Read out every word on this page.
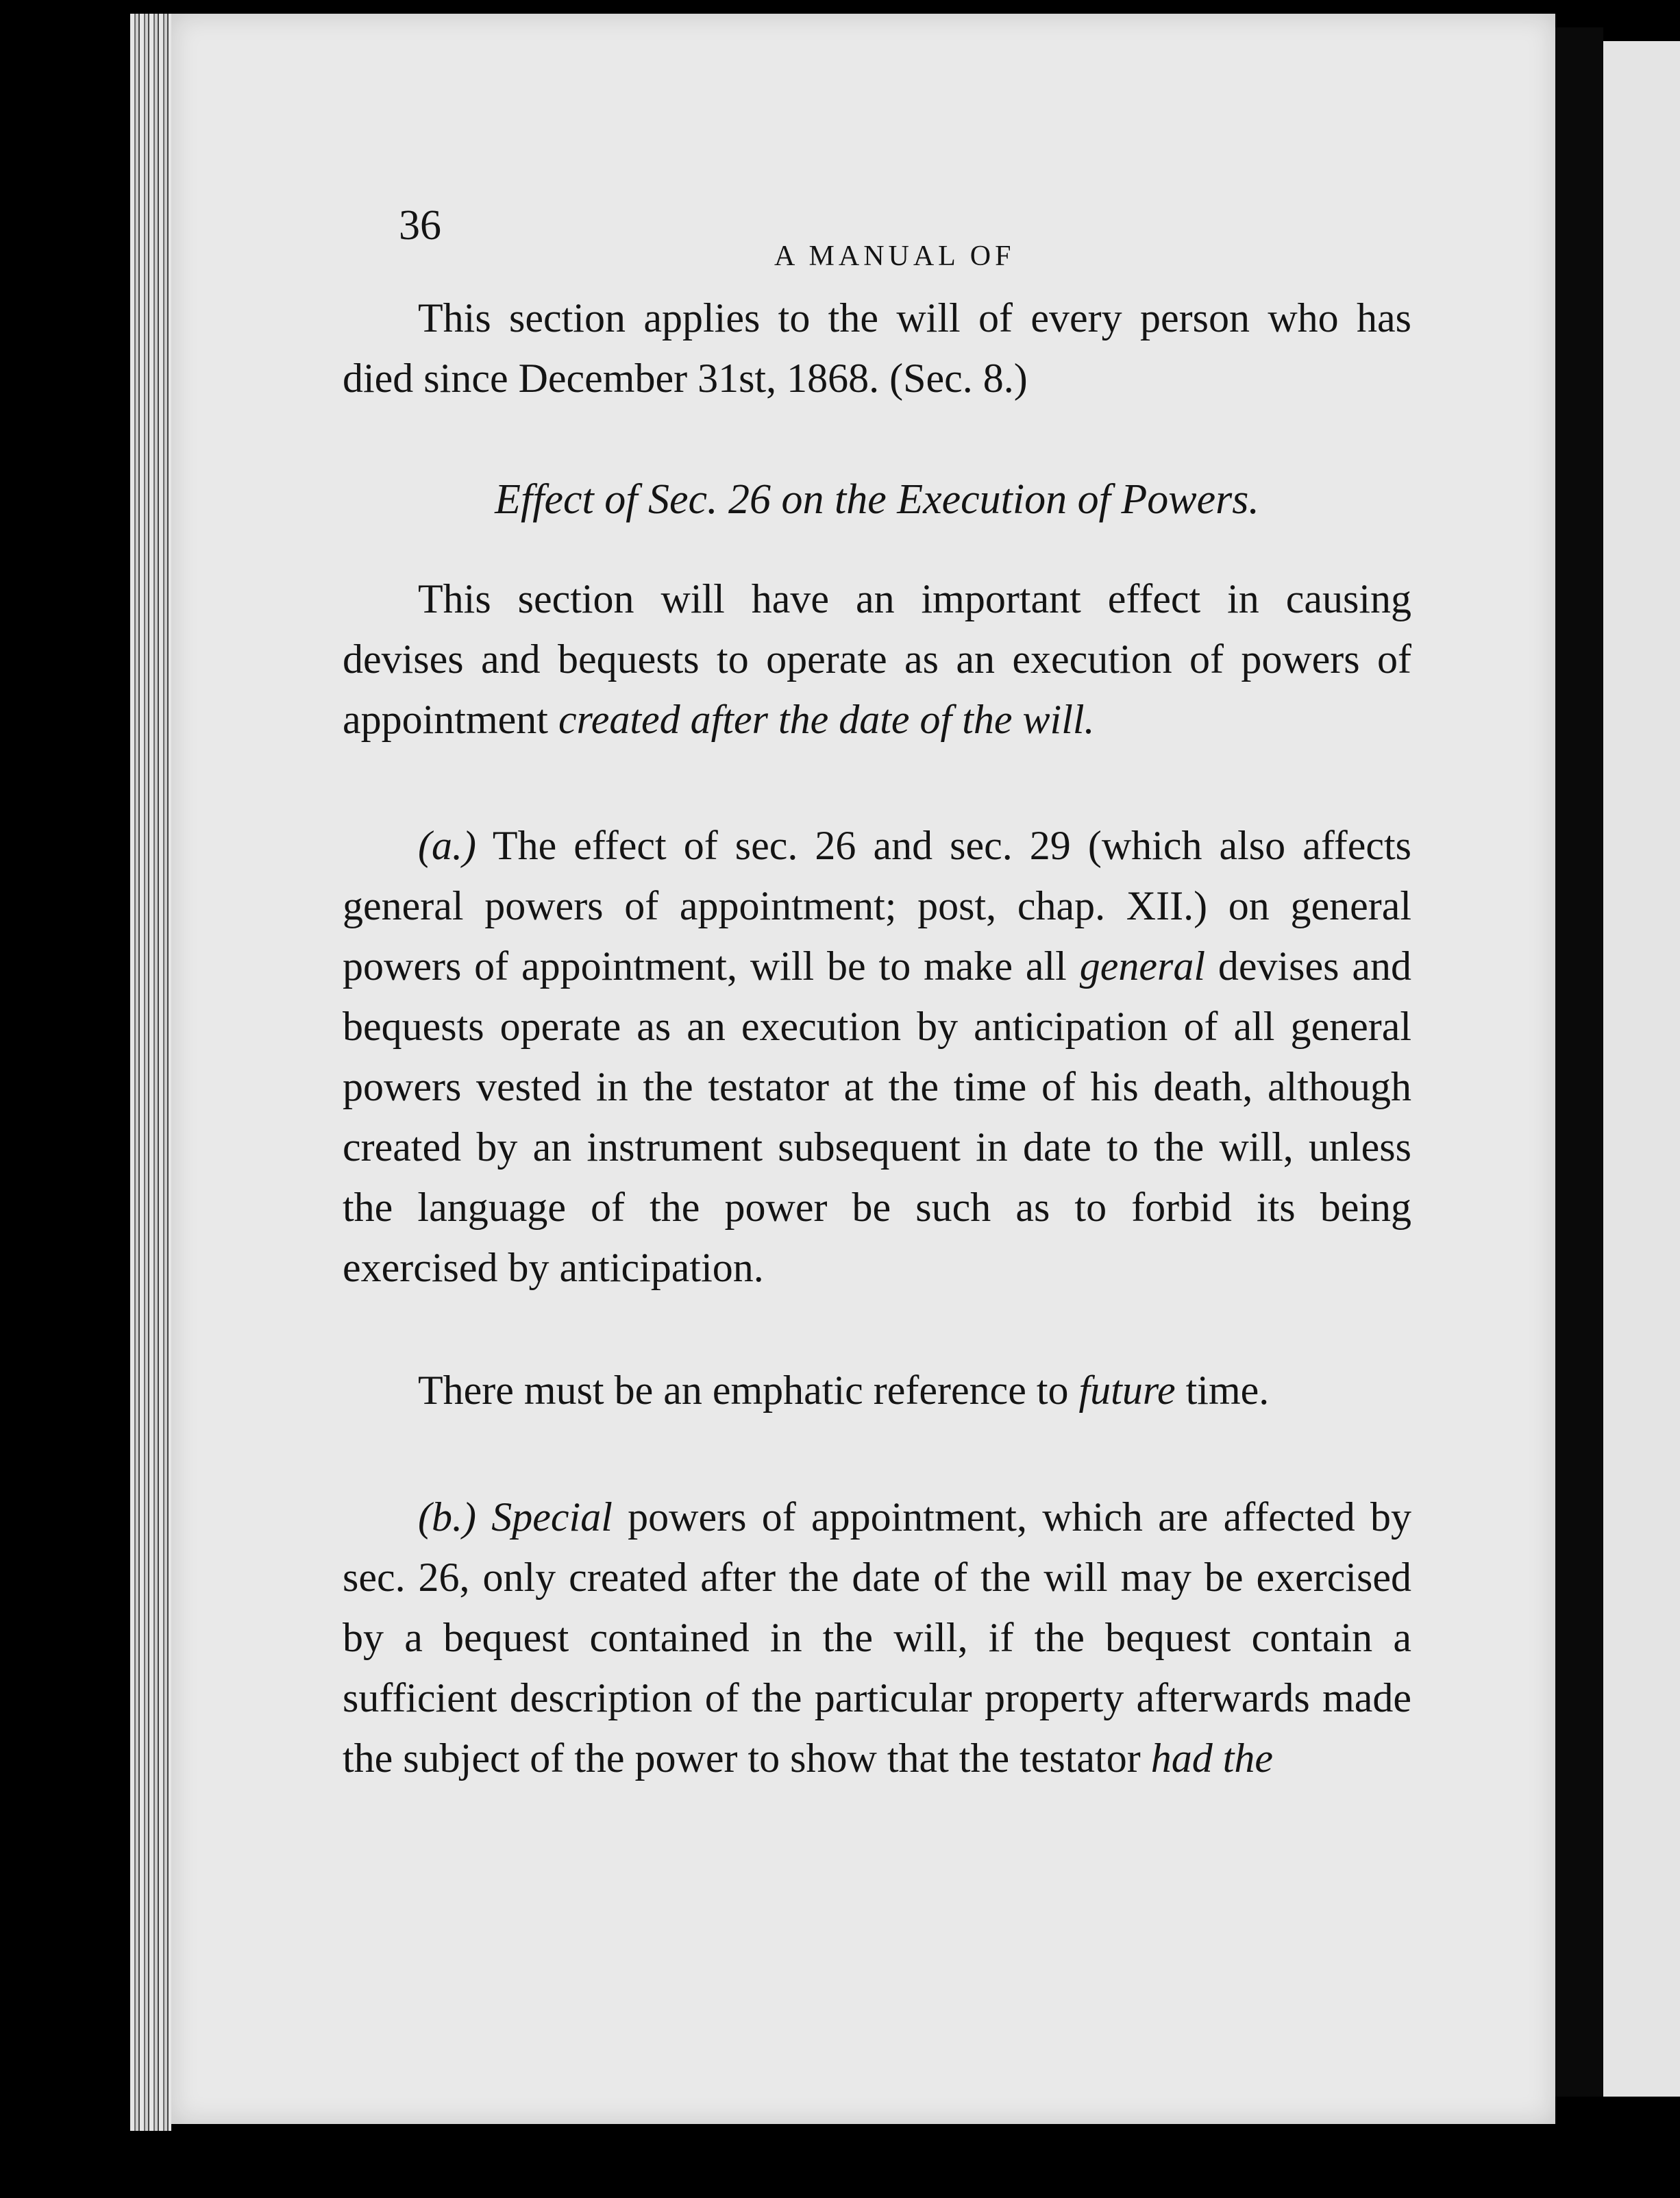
36
A MANUAL OF

This section applies to the will of every person who has died since December 31st, 1868. (Sec. 8.)

Effect of Sec. 26 on the Execution of Powers.

This section will have an important effect in causing devises and bequests to operate as an execution of powers of appointment created after the date of the will.

(a.) The effect of sec. 26 and sec. 29 (which also affects general powers of appointment; post, chap. XII.) on general powers of appointment, will be to make all general devises and bequests operate as an execution by anticipation of all general powers vested in the testator at the time of his death, although created by an instrument subsequent in date to the will, unless the language of the power be such as to forbid its being exercised by anticipation.

There must be an emphatic reference to future time.

(b.) Special powers of appointment, which are affected by sec. 26, only created after the date of the will may be exercised by a bequest contained in the will, if the bequest contain a sufficient description of the particular property afterwards made the subject of the power to show that the testator had the
